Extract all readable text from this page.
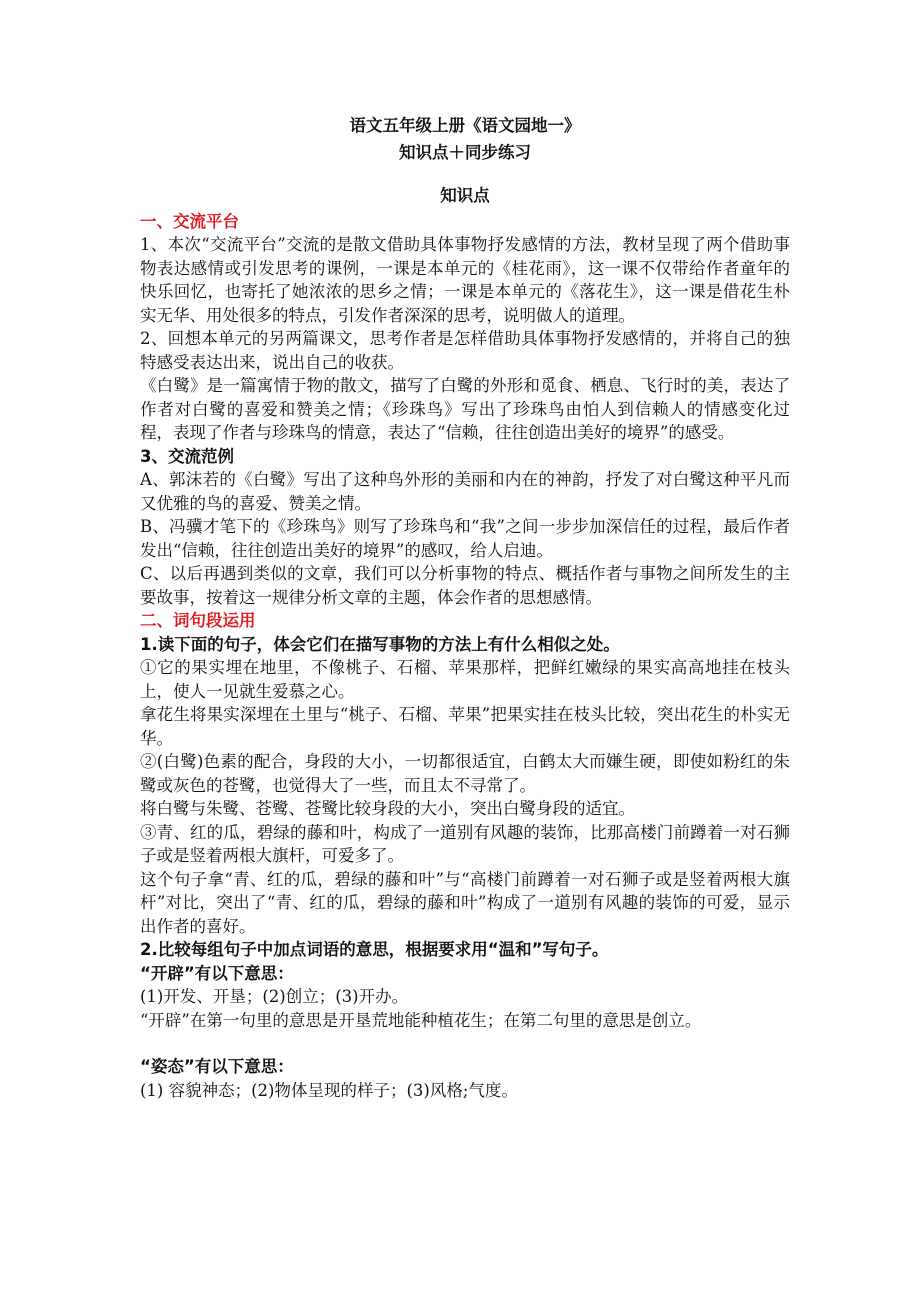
语文五年级上册《语文园地一》
知识点＋同步练习
知识点
一、交流平台

1、本次“交流平台”交流的是散文借助具体事物抒发感情的方法，教材呈现了两个借助事物表达感情或引发思考的课例，一课是本单元的《桂花雨》，这一课不仅带给作者童年的快乐回忆，也寄托了她浓浓的思乡之情；一课是本单元的《落花生》，这一课是借花生朴实无华、用处很多的特点，引发作者深深的思考，说明做人的道理。

2、回想本单元的另两篇课文，思考作者是怎样借助具体事物抒发感情的，并将自己的独特感受表达出来，说出自己的收获。

《白鹭》是一篇寓情于物的散文，描写了白鹭的外形和觅食、栖息、飞行时的美，表达了作者对白鹭的喜爱和赞美之情；《珍珠鸟》写出了珍珠鸟由怕人到信赖人的情感变化过程，表现了作者与珍珠鸟的情意，表达了“信赖，往往创造出美好的境界”的感受。

3、交流范例

A、郭沫若的《白鹭》写出了这种鸟外形的美丽和内在的神韵，抒发了对白鹭这种平凡而又优雅的鸟的喜爱、赞美之情。

B、冯骥才笔下的《珍珠鸟》则写了珍珠鸟和“我”之间一步步加深信任的过程，最后作者发出“信赖，往往创造出美好的境界”的感叹，给人启迪。

C、以后再遇到类似的文章，我们可以分析事物的特点、概括作者与事物之间所发生的主要故事，按着这一规律分析文章的主题，体会作者的思想感情。

二、词句段运用

1.读下面的句子，体会它们在描写事物的方法上有什么相似之处。

①它的果实埋在地里，不像桃子、石榴、苹果那样，把鲜红嫩绿的果实高高地挂在枝头上，使人一见就生爱慕之心。

拿花生将果实深埋在土里与“桃子、石榴、苹果”把果实挂在枝头比较，突出花生的朴实无华。

②(白鹭)色素的配合，身段的大小，一切都很适宜，白鹤太大而嫌生硬，即使如粉红的朱鹭或灰色的苍鹭，也觉得大了一些，而且太不寻常了。

将白鹭与朱鹭、苍鹭、苍鹭比较身段的大小，突出白鹭身段的适宜。

③青、红的瓜，碧绿的藤和叶，构成了一道别有风趣的装饰，比那高楼门前蹲着一对石狮子或是竖着两根大旗杆，可爱多了。

这个句子拿“青、红的瓜，碧绿的藤和叶”与“高楼门前蹲着一对石狮子或是竖着两根大旗杆”对比，突出了“青、红的瓜，碧绿的藤和叶”构成了一道别有风趣的装饰的可爱，显示出作者的喜好。

2.比较每组句子中加点词语的意思，根据要求用“温和”写句子。

“开辟”有以下意思：

(1)开发、开垦；(2)创立；(3)开办。

“开辟”在第一句里的意思是开垦荒地能种植花生；在第二句里的意思是创立。

“姿态”有以下意思：

(1) 容貌神态；(2)物体呈现的样子；(3)风格;气度。
